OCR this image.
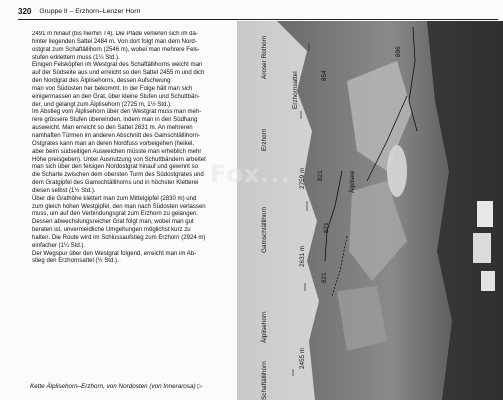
320 Gruppe II – Erzhorn–Lenzer Horn

2491 m hinauf (bis hierhin T4). Die Pfade verlieren sich im da-

hinter liegenden Sattel 2484 m. Von dort folgt man dem Nord-

ostgrat zum Schaftällihorn (2546 m), wobei man mehrere Fels-

stufen erklettern muss (1¼ Std.).

Einigen Felsköpfen im Westgrat des Schaftällihorns weicht man

auf der Südseite aus und erreicht so den Sattel 2455 m und dich

den Nordgrat des Älplisehorns, dessen Aufschwung

man von Südosten her bekommt. In der Folge hält man sich

einigermassen an den Grat, über kleine Stufen und Schuttbän-

der, und gelangt zum Älplisehorn (2725 m, 1½ Std.).

Im Abstieg vom Älplisehorn über den Westgrat muss man meh-

rere grössere Stufen überwinden, indem man in den Südhang

ausweicht. Man erreicht so den Sattel 2631 m. An mehreren

namhaften Türmen im anderen Abschnitt des Gamschtällihorn-

Ostgrates kann man an deren Nordfuss vorbeigehen (heikel,

aber beim südseitigen Ausweichen müsste man erheblich mehr

Höhe preisgeben). Unter Ausnutzung von Schuttbändern arbeitet

man sich über den felsigen Nordostgrat hinauf und gewinnt so

die Scharte zwischen dem obersten Turm des Südostgrates und

dem Gratgipfel des Gamschtällihorns und in höchster Kletterei

diesen selbst (1½ Std.).

Über die Grathöhe klettert man zum Mittelgipfel (2830 m) und

zum gleich hohen Westgipfel, den man nach Südosten verlassen

muss, um auf den Verbindungsgrat zum Erzhorn zu gelangen.

Dessen abwechslungsreicher Grat folgt man, wobei man gut

beraten ist, unvermeidliche Umgehungen möglichst kurz zu

halten. Die Route wird im Schlussaufstieg zum Erzhorn (2924 m)

einfacher (1¼ Std.).

Der Wegspur über den Westgrat folgend, erreicht man im Ab-

stieg den Erzhornsattel (½ Std.).

Aroser Rothorn
Erzhornsattel
Erzhorn
Gamschtällihorn
Älplisehorn
Schaftällihorn
Älplisee
2759 m
2631 m
2455 m
896
854
821
821
821
Fox...
Kette Älplisehorn–Erzhorn, von Nordosten (von Innerarosa) ▷
